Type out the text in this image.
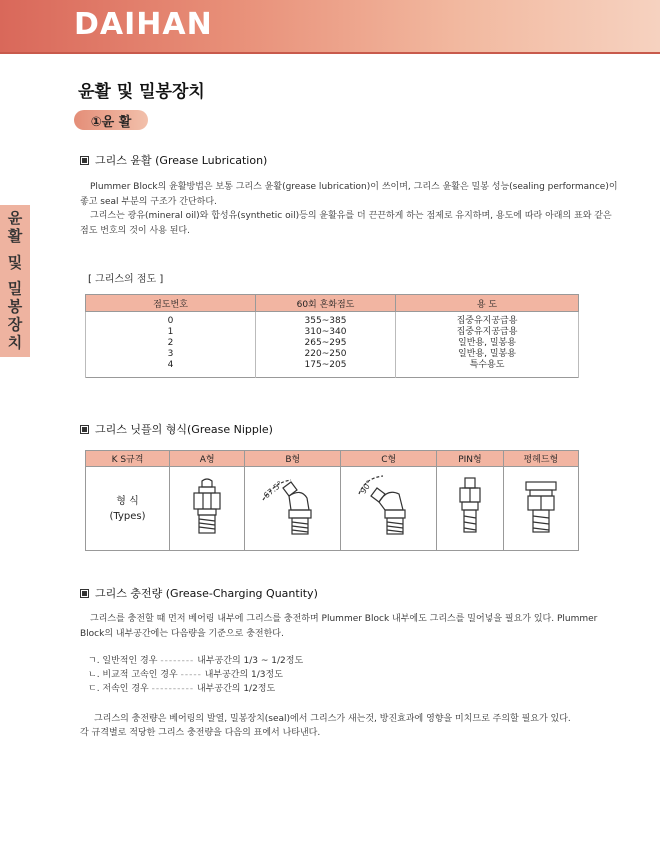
DAIHAN
윤활 및 밀봉장치
윤활 및 밀봉장치
①윤 활
그리스 윤활 (Grease Lubrication)

Plummer Block의 윤활방법은 보통 그리스 윤활(grease lubrication)이 쓰이며, 그리스 윤활은 밀봉 성능(sealing performance)이 좋고 seal 부분의 구조가 간단하다.

그리스는 광유(mineral oil)와 합성유(synthetic oil)등의 윤활유를 더 끈끈하게 하는 점제로 유지하며, 용도에 따라 아래의 표와 같은 점도 번호의 것이 사용 된다.

[ 그리스의 점도 ]
점도번호	60회 혼화점도	용 도
0	355~385	집중유지공급용
1	310~340	집중유지공급용
2	265~295	일반용, 밀봉용
3	220~250	일반용, 밀봉용
4	175~205	특수용도
그리스 닛플의 형식(Grease Nipple)
K S규격	A형	B형	C형	PIN형	평헤드형

형 식
(Types)		67.5°	90°

그리스 충전량 (Grease-Charging Quantity)

그리스를 충전할 때 먼저 베어링 내부에 그리스를 충전하며 Plummer Block 내부에도 그리스를 밀어넣을 필요가 있다. Plummer Block의 내부공간에는 다음량을 기준으로 충전한다.

ㄱ. 일반적인 경우 -------- 내부공간의 1/3 ~ 1/2정도
ㄴ. 비교적 고속인 경우 ----- 내부공간의 1/3정도
ㄷ. 저속인 경우 ---------- 내부공간의 1/2정도

그리스의 충전량은 베어링의 발열, 밀봉장치(seal)에서 그리스가 새는것, 방진효과에 영향을 미치므로 주의할 필요가 있다.

각 규격별로 적당한 그리스 충전량을 다음의 표에서 나타낸다.
